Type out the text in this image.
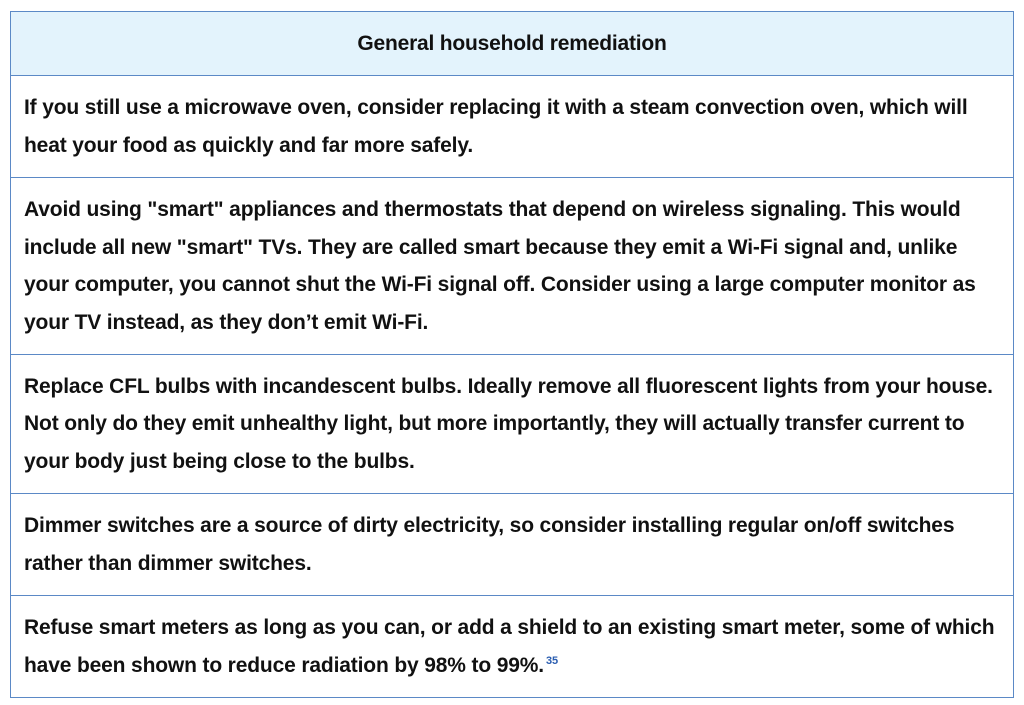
General household remediation
If you still use a microwave oven, consider replacing it with a steam convection oven, which will heat your food as quickly and far more safely.
Avoid using "smart" appliances and thermostats that depend on wireless signaling. This would include all new "smart" TVs. They are called smart because they emit a Wi-Fi signal and, unlike your computer, you cannot shut the Wi-Fi signal off. Consider using a large computer monitor as your TV instead, as they don’t emit Wi-Fi.
Replace CFL bulbs with incandescent bulbs. Ideally remove all fluorescent lights from your house. Not only do they emit unhealthy light, but more importantly, they will actually transfer current to your body just being close to the bulbs.
Dimmer switches are a source of dirty electricity, so consider installing regular on/off switches rather than dimmer switches.
Refuse smart meters as long as you can, or add a shield to an existing smart meter, some of which have been shown to reduce radiation by 98% to 99%. $^{35}$
